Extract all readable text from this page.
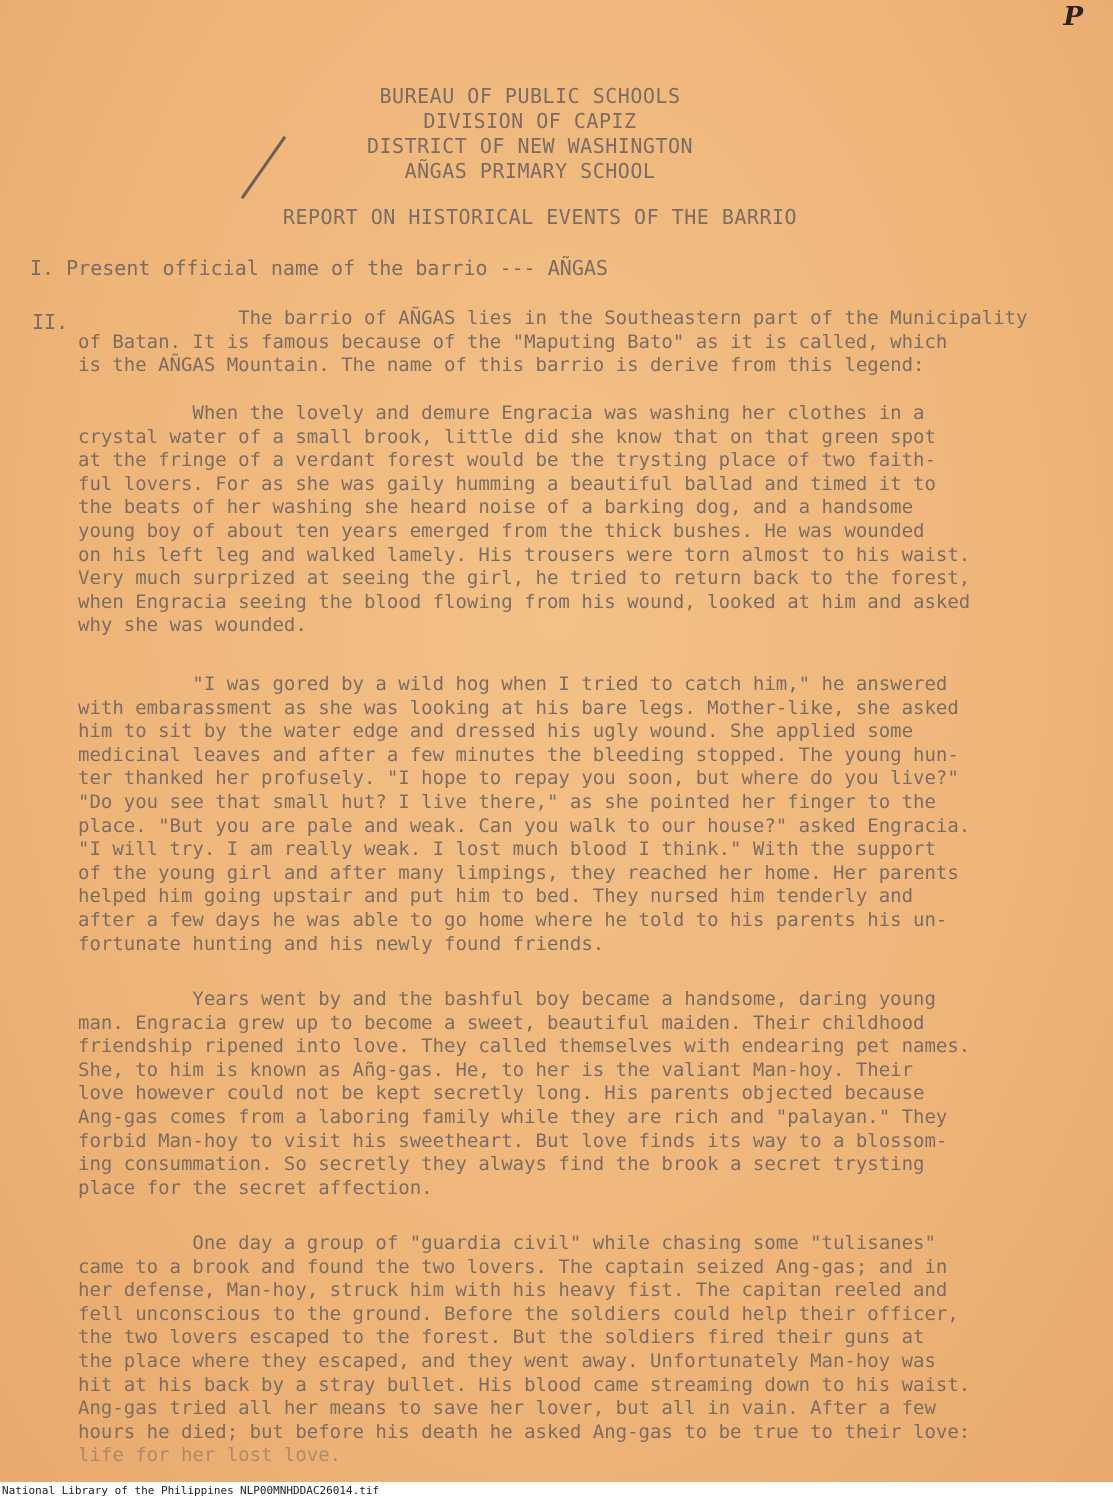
P
BUREAU OF PUBLIC SCHOOLS
DIVISION OF CAPIZ
DISTRICT OF NEW WASHINGTON
AÑGAS PRIMARY SCHOOL
REPORT ON HISTORICAL EVENTS OF THE BARRIO
I. Present official name of the barrio --- AÑGAS
II. The barrio of AÑGAS lies in the Southeastern part of the Municipality
of Batan. It is famous because of the "Maputing Bato" as it is called, which
is the AÑGAS Mountain. The name of this barrio is derive from this legend:
When the lovely and demure Engracia was washing her clothes in a
crystal water of a small brook, little did she know that on that green spot
at the fringe of a verdant forest would be the trysting place of two faith-
ful lovers. For as she was gaily humming a beautiful ballad and timed it to
the beats of her washing she heard noise of a barking dog, and a handsome
young boy of about ten years emerged from the thick bushes. He was wounded
on his left leg and walked lamely. His trousers were torn almost to his waist.
Very much surprized at seeing the girl, he tried to return back to the forest,
when Engracia seeing the blood flowing from his wound, looked at him and asked
why she was wounded.
"I was gored by a wild hog when I tried to catch him," he answered
with embarassment as she was looking at his bare legs. Mother-like, she asked
him to sit by the water edge and dressed his ugly wound. She applied some
medicinal leaves and after a few minutes the bleeding stopped. The young hun-
ter thanked her profusely. "I hope to repay you soon, but where do you live?"
"Do you see that small hut? I live there," as she pointed her finger to the
place. "But you are pale and weak. Can you walk to our house?" asked Engracia.
"I will try. I am really weak. I lost much blood I think." With the support
of the young girl and after many limpings, they reached her home. Her parents
helped him going upstair and put him to bed. They nursed him tenderly and
after a few days he was able to go home where he told to his parents his un-
fortunate hunting and his newly found friends.
Years went by and the bashful boy became a handsome, daring young
man. Engracia grew up to become a sweet, beautiful maiden. Their childhood
friendship ripened into love. They called themselves with endearing pet names.
She, to him is known as Añg-gas. He, to her is the valiant Man-hoy. Their
love however could not be kept secretly long. His parents objected because
Ang-gas comes from a laboring family while they are rich and "palayan." They
forbid Man-hoy to visit his sweetheart. But love finds its way to a blossom-
ing consummation. So secretly they always find the brook a secret trysting
place for the secret affection.
One day a group of "guardia civil" while chasing some "tulisanes"
came to a brook and found the two lovers. The captain seized Ang-gas; and in
her defense, Man-hoy, struck him with his heavy fist. The capitan reeled and
fell unconscious to the ground. Before the soldiers could help their officer,
the two lovers escaped to the forest. But the soldiers fired their guns at
the place where they escaped, and they went away. Unfortunately Man-hoy was
hit at his back by a stray bullet. His blood came streaming down to his waist.
Ang-gas tried all her means to save her lover, but all in vain. After a few
hours he died; but before his death he asked Ang-gas to be true to their love:
life for her lost love.
National Library of the Philippines NLP00MNHDDAC26014.tif
